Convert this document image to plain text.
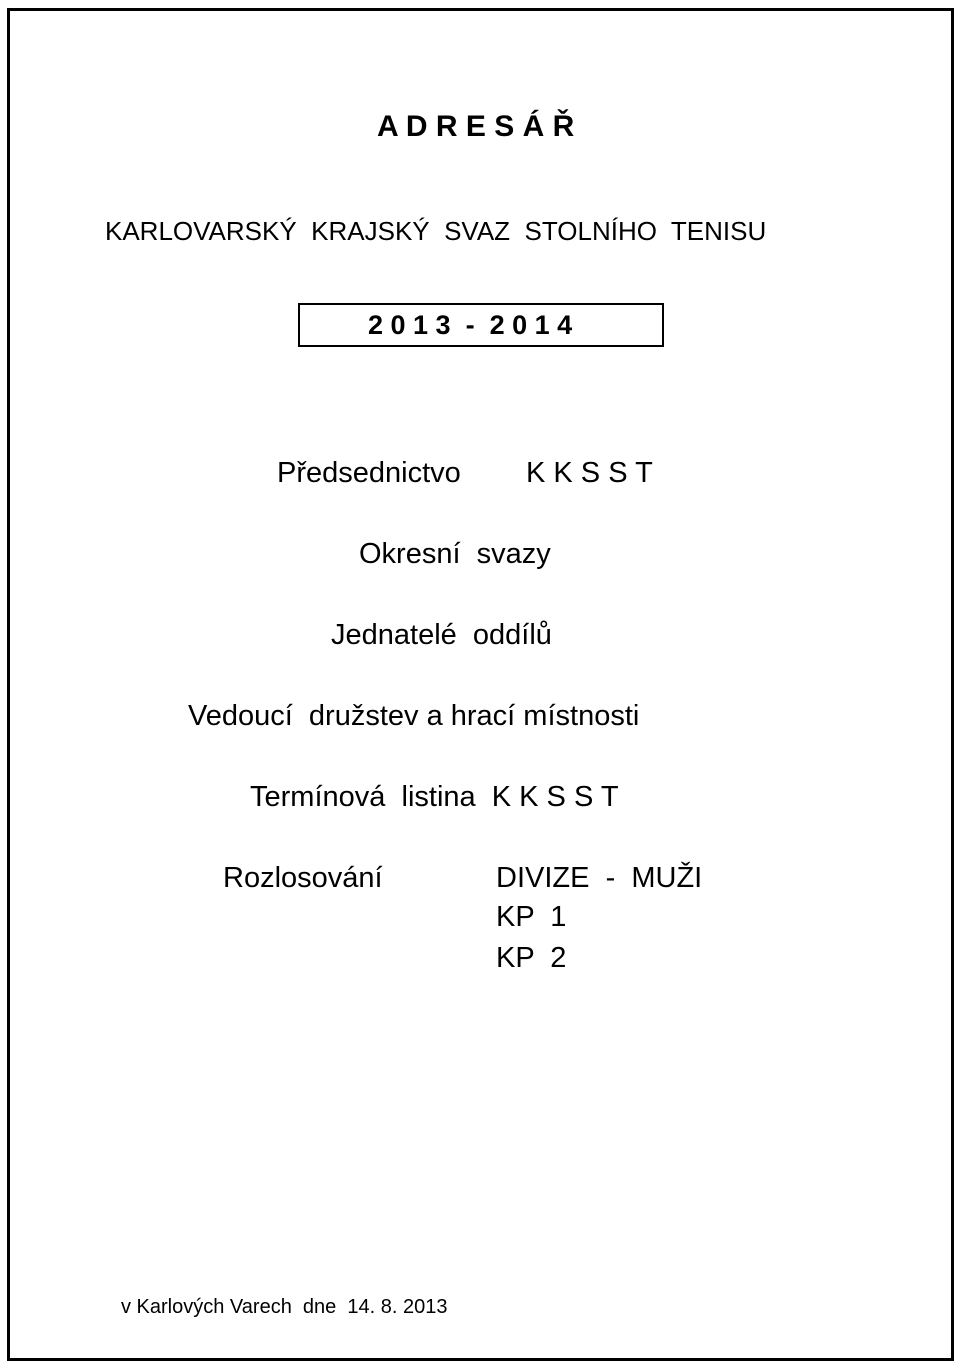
A D R E S Á Ř
KARLOVARSKÝ  KRAJSKÝ  SVAZ  STOLNÍHO  TENISU
2 0 1 3  -  2 0 1 4
Předsednictvo K K S S T
Okresní  svazy
Jednatelé  oddílů
Vedoucí  družstev a hrací místnosti
Termínová  listina  K K S S T
Rozlosování	DIVIZE  -  MUŽI
KP  1
KP  2
v Karlových Varech  dne  14. 8. 2013
